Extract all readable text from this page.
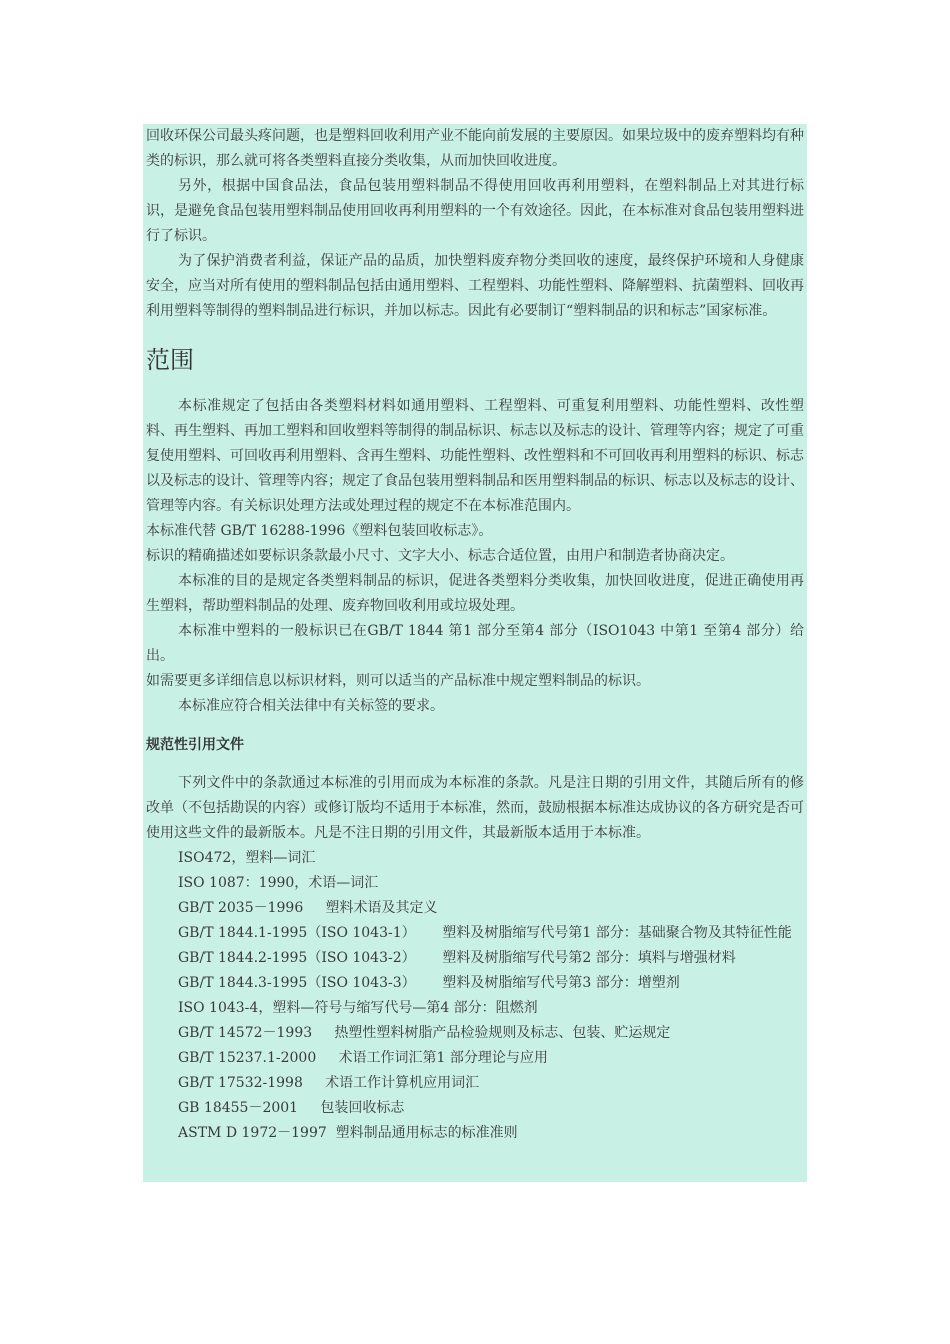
回收环保公司最头疼问题，也是塑料回收利用产业不能向前发展的主要原因。如果垃圾中的废弃塑料均有种类的标识，那么就可将各类塑料直接分类收集，从而加快回收进度。

另外，根据中国食品法，食品包装用塑料制品不得使用回收再利用塑料，在塑料制品上对其进行标识，是避免食品包装用塑料制品使用回收再利用塑料的一个有效途径。因此，在本标准对食品包装用塑料进行了标识。

为了保护消费者利益，保证产品的品质，加快塑料废弃物分类回收的速度，最终保护环境和人身健康安全，应当对所有使用的塑料制品包括由通用塑料、工程塑料、功能性塑料、降解塑料、抗菌塑料、回收再利用塑料等制得的塑料制品进行标识，并加以标志。因此有必要制订“塑料制品的识和标志”国家标准。

范围

本标准规定了包括由各类塑料材料如通用塑料、工程塑料、可重复利用塑料、功能性塑料、改性塑料、再生塑料、再加工塑料和回收塑料等制得的制品标识、标志以及标志的设计、管理等内容；规定了可重复使用塑料、可回收再利用塑料、含再生塑料、功能性塑料、改性塑料和不可回收再利用塑料的标识、标志以及标志的设计、管理等内容；规定了食品包装用塑料制品和医用塑料制品的标识、标志以及标志的设计、管理等内容。有关标识处理方法或处理过程的规定不在本标准范围内。

本标准代替 GB/T 16288-1996《塑料包装回收标志》。

标识的精确描述如要标识条款最小尺寸、文字大小、标志合适位置，由用户和制造者协商决定。

本标准的目的是规定各类塑料制品的标识，促进各类塑料分类收集，加快回收进度，促进正确使用再生塑料，帮助塑料制品的处理、废弃物回收利用或垃圾处理。

本标准中塑料的一般标识已在GB/T 1844 第1 部分至第4 部分（ISO1043 中第1 至第4 部分）给出。

如需要更多详细信息以标识材料，则可以适当的产品标准中规定塑料制品的标识。

本标准应符合相关法律中有关标签的要求。

规范性引用文件

下列文件中的条款通过本标准的引用而成为本标准的条款。凡是注日期的引用文件，其随后所有的修改单（不包括勘误的内容）或修订版均不适用于本标准，然而，鼓励根据本标准达成协议的各方研究是否可使用这些文件的最新版本。凡是不注日期的引用文件，其最新版本适用于本标准。

ISO472，塑料—词汇

ISO 1087：1990，术语—词汇

GB/T 2035－1996     塑料术语及其定义

GB/T 1844.1-1995（ISO 1043-1）      塑料及树脂缩写代号第1 部分：基础聚合物及其特征性能

GB/T 1844.2-1995（ISO 1043-2）      塑料及树脂缩写代号第2 部分：填料与增强材料

GB/T 1844.3-1995（ISO 1043-3）      塑料及树脂缩写代号第3 部分：增塑剂

ISO 1043-4，塑料—符号与缩写代号—第4 部分：阻燃剂

GB/T 14572－1993     热塑性塑料树脂产品检验规则及标志、包装、贮运规定

GB/T 15237.1-2000     术语工作词汇第1 部分理论与应用

GB/T 17532-1998     术语工作计算机应用词汇

GB 18455－2001     包装回收标志

ASTM D 1972－1997  塑料制品通用标志的标准准则
